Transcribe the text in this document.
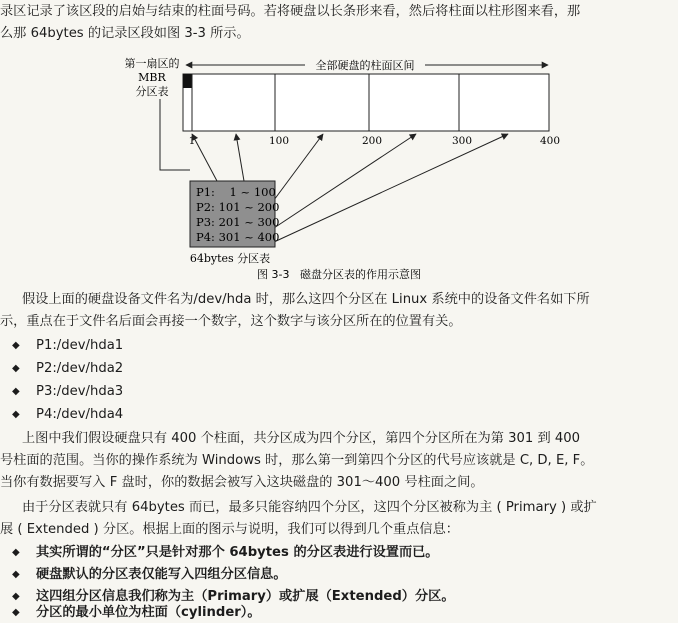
录区记录了该区段的启始与结束的柱面号码。若将硬盘以长条形来看，然后将柱面以柱形图来看，那
么那 64bytes 的记录区段如图 3-3 所示。
第一扇区的
MBR
分区表
全部硬盘的柱面区间
1	100	200	300	400
P1:    1 ~ 100
P2: 101 ~ 200
P3: 201 ~ 300
P4: 301 ~ 400
64bytes 分区表
图 3-3   磁盘分区表的作用示意图
假设上面的硬盘设备文件名为/dev/hda 时，那么这四个分区在 Linux 系统中的设备文件名如下所
示，重点在于文件名后面会再接一个数字，这个数字与该分区所在的位置有关。
◆ P1:/dev/hda1
◆ P2:/dev/hda2
◆ P3:/dev/hda3
◆ P4:/dev/hda4
上图中我们假设硬盘只有 400 个柱面，共分区成为四个分区，第四个分区所在为第 301 到 400
号柱面的范围。当你的操作系统为 Windows 时，那么第一到第四个分区的代号应该就是 C, D, E, F。
当你有数据要写入 F 盘时，你的数据会被写入这块磁盘的 301～400 号柱面之间。
由于分区表就只有 64bytes 而已，最多只能容纳四个分区，这四个分区被称为主 ( Primary ) 或扩
展 ( Extended ) 分区。根据上面的图示与说明，我们可以得到几个重点信息：
◆ 其实所谓的“分区”只是针对那个 64bytes 的分区表进行设置而已。
◆ 硬盘默认的分区表仅能写入四组分区信息。
◆ 这四组分区信息我们称为主（Primary）或扩展（Extended）分区。
◆ 分区的最小单位为柱面（cylinder）。
